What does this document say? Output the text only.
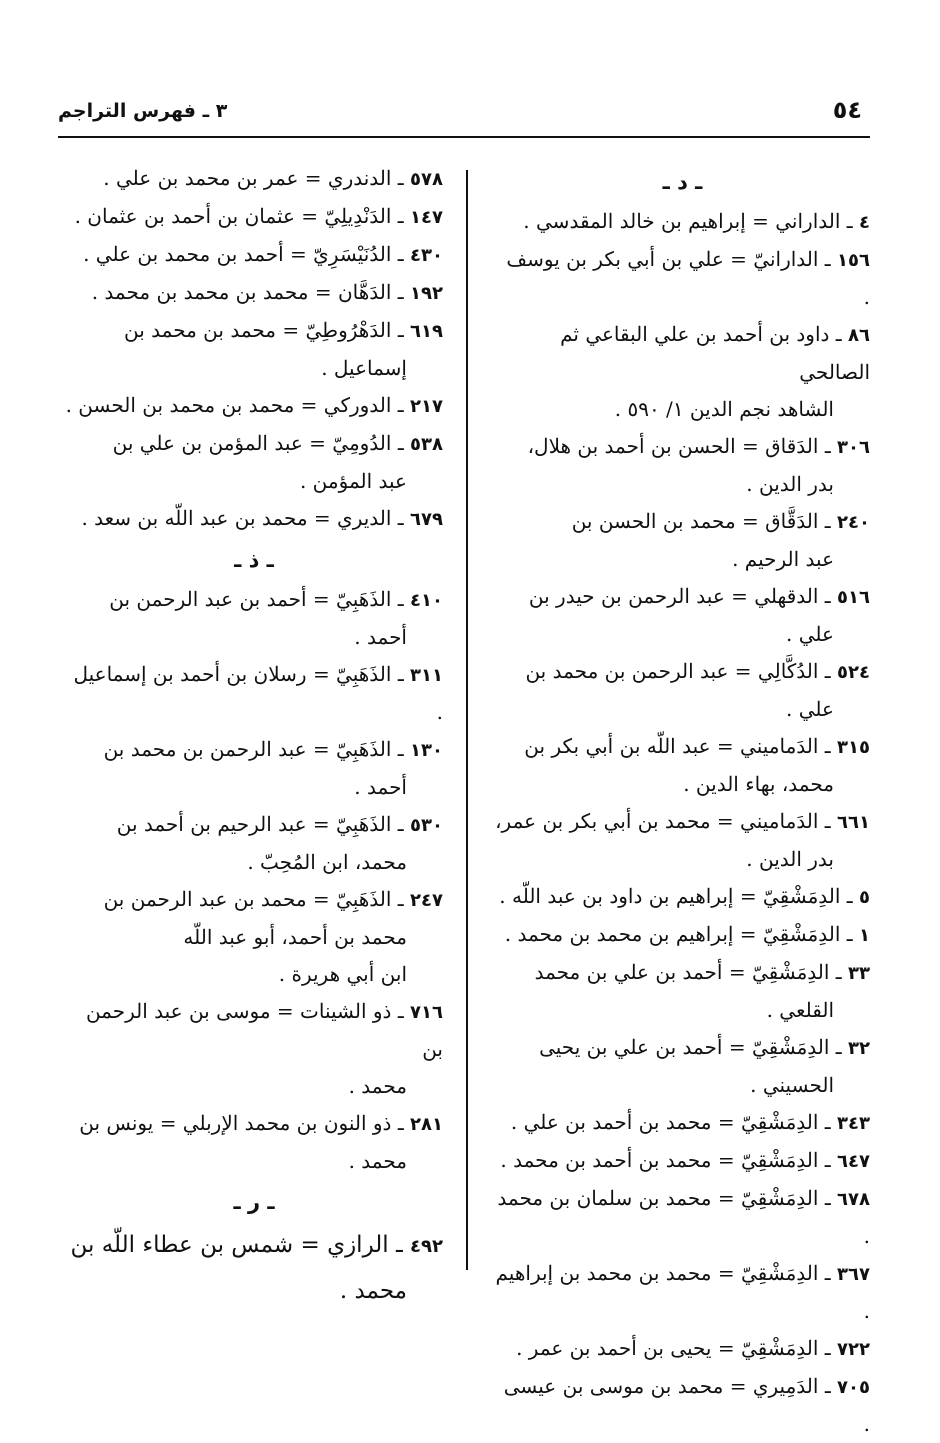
٥٤
٣ ـ فهرس التراجم
ـ د ـ
٤ ـ الداراني = إبراهيم بن خالد المقدسي .
١٥٦ ـ الدارانيّ = علي بن أبي بكر بن يوسف .
٨٦ ـ داود بن أحمد بن علي البقاعي ثم الصالحي
الشاهد نجم الدين ١/ ٥٩٠ .
٣٠٦ ـ الدَقاق = الحسن بن أحمد بن هلال،
بدر الدين .
٢٤٠ ـ الدَقَّاق = محمد بن الحسن بن
عبد الرحيم .
٥١٦ ـ الدقهلي = عبد الرحمن بن حيدر بن
علي .
٥٢٤ ـ الدُكَّالِي = عبد الرحمن بن محمد بن
علي .
٣١٥ ـ الدَماميني = عبد اللّه بن أبي بكر بن
محمد، بهاء الدين .
٦٦١ ـ الدَماميني = محمد بن أبي بكر بن عمر،
بدر الدين .
٥ ـ الدِمَشْقِيّ = إبراهيم بن داود بن عبد اللّه .
١ ـ الدِمَشْقِيّ = إبراهيم بن محمد بن محمد .
٣٣ ـ الدِمَشْقِيّ = أحمد بن علي بن محمد
القلعي .
٣٢ ـ الدِمَشْقِيّ = أحمد بن علي بن يحيى
الحسيني .
٣٤٣ ـ الدِمَشْقِيّ = محمد بن أحمد بن علي .
٦٤٧ ـ الدِمَشْقِيّ = محمد بن أحمد بن محمد .
٦٧٨ ـ الدِمَشْقِيّ = محمد بن سلمان بن محمد .
٣٦٧ ـ الدِمَشْقِيّ = محمد بن محمد بن إبراهيم .
٧٢٢ ـ الدِمَشْقِيّ = يحيى بن أحمد بن عمر .
٧٠٥ ـ الدَمِيري = محمد بن موسى بن عيسى .
٥٧٨ ـ الدندري = عمر بن محمد بن علي .
١٤٧ ـ الدَنْدِيلِيّ = عثمان بن أحمد بن عثمان .
٤٣٠ ـ الدُنَيْسَرِيّ = أحمد بن محمد بن علي .
١٩٢ ـ الدَهَّان = محمد بن محمد بن محمد .
٦١٩ ـ الدَهْرُوطِيّ = محمد بن محمد بن
إسماعيل .
٢١٧ ـ الدوركي = محمد بن محمد بن الحسن .
٥٣٨ ـ الدُومِيّ = عبد المؤمن بن علي بن
عبد المؤمن .
٦٧٩ ـ الديري = محمد بن عبد اللّه بن سعد .
ـ ذ ـ
٤١٠ ـ الذَهَبِيّ = أحمد بن عبد الرحمن بن
أحمد .
٣١١ ـ الذَهَبِيّ = رسلان بن أحمد بن إسماعيل .
١٣٠ ـ الذَهَبِيّ = عبد الرحمن بن محمد بن
أحمد .
٥٣٠ ـ الذَهَبِيّ = عبد الرحيم بن أحمد بن
محمد، ابن المُحِبّ .
٢٤٧ ـ الذَهَبِيّ = محمد بن عبد الرحمن بن
محمد بن أحمد، أبو عبد اللّه
ابن أبي هريرة .
٧١٦ ـ ذو الشينات = موسى بن عبد الرحمن بن
محمد .
٢٨١ ـ ذو النون بن محمد الإربلي = يونس بن
محمد .
ـ ر ـ
٤٩٢ ـ الرازي = شمس بن عطاء اللّه بن
محمد .
